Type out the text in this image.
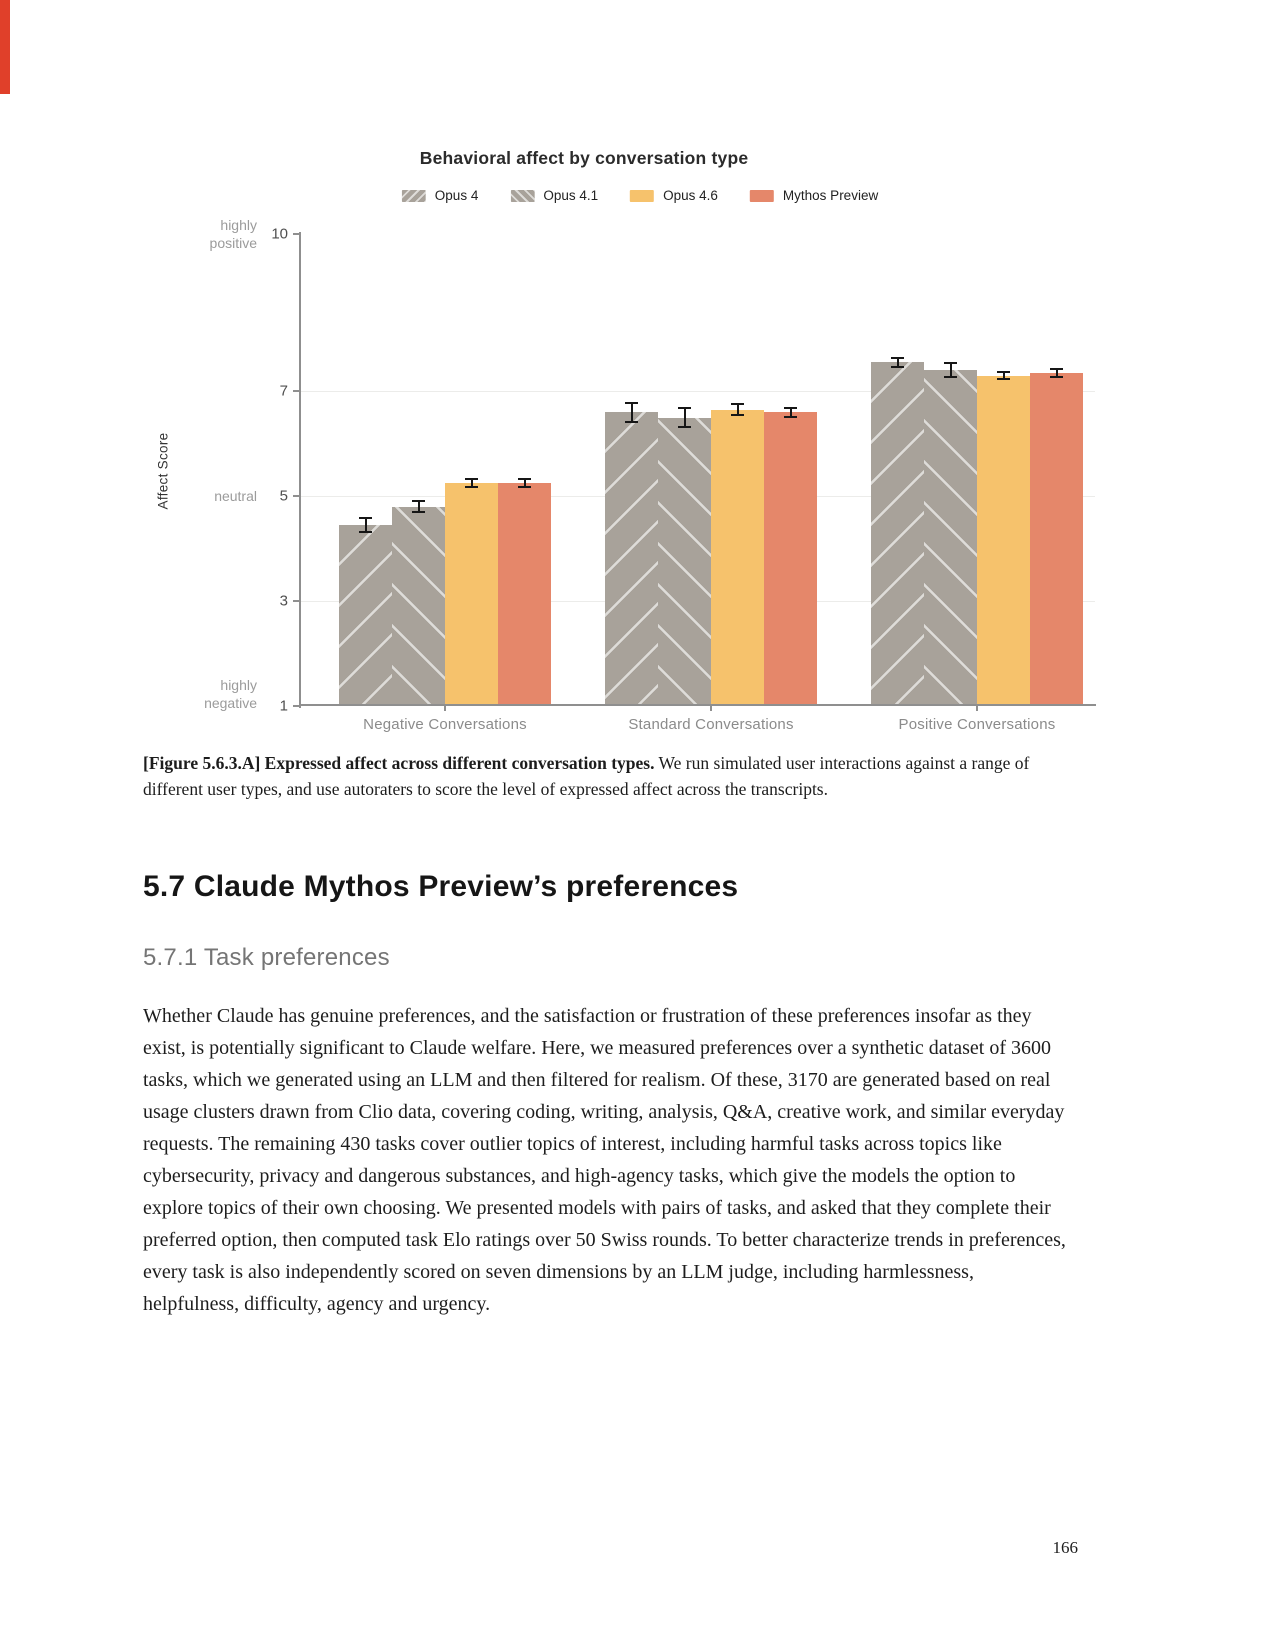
Behavioral affect by conversation type
Opus 4	Opus 4.1	Opus 4.6	Mythos Preview
Affect Score
10
highly
positive
7
5
neutral
3
1
highly
negative
Negative Conversations	Standard Conversations	Positive Conversations
[Figure 5.6.3.A] Expressed affect across different conversation types. We run simulated user interactions against a range of different user types, and use autoraters to score the level of expressed affect across the transcripts.
5.7 Claude Mythos Preview’s preferences
5.7.1 Task preferences
Whether Claude has genuine preferences, and the satisfaction or frustration of these preferences insofar as they exist, is potentially significant to Claude welfare. Here, we measured preferences over a synthetic dataset of 3600 tasks, which we generated using an LLM and then filtered for realism. Of these, 3170 are generated based on real usage clusters drawn from Clio data, covering coding, writing, analysis, Q&A, creative work, and similar everyday requests. The remaining 430 tasks cover outlier topics of interest, including harmful tasks across topics like cybersecurity, privacy and dangerous substances, and high-agency tasks, which give the models the option to explore topics of their own choosing. We presented models with pairs of tasks, and asked that they complete their preferred option, then computed task Elo ratings over 50 Swiss rounds. To better characterize trends in preferences, every task is also independently scored on seven dimensions by an LLM judge, including harmlessness, helpfulness, difficulty, agency and urgency.
166
